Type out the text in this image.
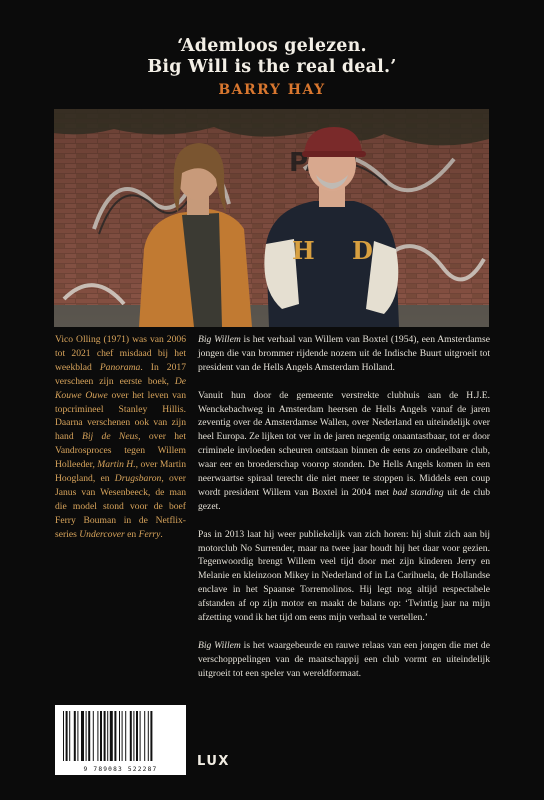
‘Ademloos gelezen.
Big Will is the real deal.’
BARRY HAY
H D
Vico Olling (1971) was van 2006 tot 2021 chef misdaad bij het weekblad Panorama. In 2017 verscheen zijn eerste boek, De Kouwe Ouwe over het leven van topcrimineel Stanley Hillis. Daarna verschenen ook van zijn hand Bij de Neus, over het Vandrosproces tegen Willem Holleeder, Martin H., over Martin Hoogland, en Drugsbaron, over Janus van Wesenbeeck, de man die model stond voor de boef Ferry Bouman in de Netflix-series Undercover en Ferry.

Big Willem is het verhaal van Willem van Boxtel (1954), een Amsterdamse jongen die van brommer rijdende nozem uit de Indische Buurt uitgroeit tot president van de Hells Angels Amsterdam Holland.

Vanuit hun door de gemeente verstrekte clubhuis aan de H.J.E. Wenckebachweg in Amsterdam heersen de Hells Angels vanaf de jaren zeventig over de Amsterdamse Wallen, over Nederland en uiteindelijk over heel Europa. Ze lijken tot ver in de jaren negentig onaantastbaar, tot er door criminele invloeden scheuren ontstaan binnen de eens zo ondeelbare club, waar eer en broederschap voorop stonden. De Hells Angels komen in een neerwaartse spiraal terecht die niet meer te stoppen is. Middels een coup wordt president Willem van Boxtel in 2004 met bad standing uit de club gezet.

Pas in 2013 laat hij weer publiekelijk van zich horen: hij sluit zich aan bij motorclub No Surrender, maar na twee jaar houdt hij het daar voor gezien. Tegenwoordig brengt Willem veel tijd door met zijn kinderen Jerry en Melanie en kleinzoon Mikey in Nederland of in La Carihuela, de Hollandse enclave in het Spaanse Torremolinos. Hij legt nog altijd respectabele afstanden af op zijn motor en maakt de balans op: ‘Twintig jaar na mijn afzetting vond ik het tijd om eens mijn verhaal te vertellen.’

Big Willem is het waargebeurde en rauwe relaas van een jongen die met de verschopppelingen van de maatschappij een club vormt en uiteindelijk uitgroeit tot een speler van wereldformaat.

9 789083 522287
LUX
